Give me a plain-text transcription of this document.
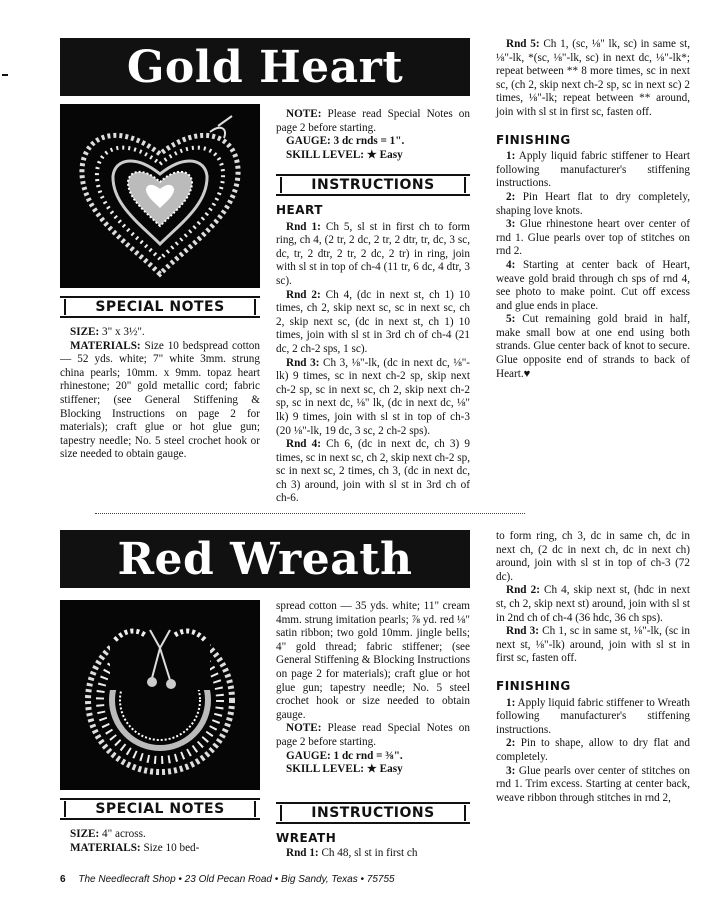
Gold Heart

NOTE: Please read Special Notes on page 2 before starting.

GAUGE: 3 dc rnds = 1".

SKILL LEVEL: ★ Easy

INSTRUCTIONS
HEART

Rnd 1: Ch 5, sl st in first ch to form ring, ch 4, (2 tr, 2 dc, 2 tr, 2 dtr, tr, dc, 3 sc, dc, tr, 2 dtr, 2 tr, 2 dc, 2 tr) in ring, join with sl st in top of ch-4 (11 tr, 6 dc, 4 dtr, 3 sc).

Rnd 2: Ch 4, (dc in next st, ch 1) 10 times, ch 2, skip next sc, sc in next sc, ch 2, skip next sc, (dc in next st, ch 1) 10 times, join with sl st in 3rd ch of ch-4 (21 dc, 2 ch-2 sps, 1 sc).

Rnd 3: Ch 3, ⅛"-lk, (dc in next dc, ⅛"-lk) 9 times, sc in next ch-2 sp, skip next ch-2 sp, sc in next sc, ch 2, skip next ch-2 sp, sc in next dc, ⅛" lk, (dc in next dc, ⅛" lk) 9 times, join with sl st in top of ch-3 (20 ⅛"-lk, 19 dc, 3 sc, 2 ch-2 sps).

Rnd 4: Ch 6, (dc in next dc, ch 3) 9 times, sc in next sc, ch 2, skip next ch-2 sp, sc in next sc, 2 times, ch 3, (dc in next dc, ch 3) around, join with sl st in 3rd ch of ch-6.

Rnd 5: Ch 1, (sc, ⅛" lk, sc) in same st, ⅛"-lk, *(sc, ⅛"-lk, sc) in next dc, ⅛"-lk*; repeat between ** 8 more times, sc in next sc, (ch 2, skip next ch-2 sp, sc in next sc) 2 times, ⅛"-lk; repeat between ** around, join with sl st in first sc, fasten off.

FINISHING

1: Apply liquid fabric stiffener to Heart following manufacturer's stiffening instructions.

2: Pin Heart flat to dry completely, shaping love knots.

3: Glue rhinestone heart over center of rnd 1. Glue pearls over top of stitches on rnd 2.

4: Starting at center back of Heart, weave gold braid through ch sps of rnd 4, see photo to make point. Cut off excess and glue ends in place.

5: Cut remaining gold braid in half, make small bow at one end using both strands. Glue center back of knot to secure. Glue opposite end of strands to back of Heart.♥

SPECIAL NOTES

SIZE: 3" x 3½".

MATERIALS: Size 10 bedspread cotton — 52 yds. white; 7" white 3mm. strung china pearls; 10mm. x 9mm. topaz heart rhinestone; 20" gold metallic cord; fabric stiffener; (see General Stiffening & Blocking Instructions on page 2 for materials); craft glue or hot glue gun; tapestry needle; No. 5 steel crochet hook or size needed to obtain gauge.

Red Wreath

spread cotton — 35 yds. white; 11" cream 4mm. strung imitation pearls; ⅞ yd. red ⅛" satin ribbon; two gold 10mm. jingle bells; 4" gold thread; fabric stiffener; (see General Stiffening & Blocking Instructions on page 2 for materials); craft glue or hot glue gun; tapestry needle; No. 5 steel crochet hook or size needed to obtain gauge.

NOTE: Please read Special Notes on page 2 before starting.

GAUGE: 1 dc rnd = ⅜".

SKILL LEVEL: ★ Easy

INSTRUCTIONS
WREATH

Rnd 1: Ch 48, sl st in first ch

to form ring, ch 3, dc in same ch, dc in next ch, (2 dc in next ch, dc in next ch) around, join with sl st in top of ch-3 (72 dc).

Rnd 2: Ch 4, skip next st, (hdc in next st, ch 2, skip next st) around, join with sl st in 2nd ch of ch-4 (36 hdc, 36 ch sps).

Rnd 3: Ch 1, sc in same st, ⅛"-lk, (sc in next st, ⅛"-lk) around, join with sl st in first sc, fasten off.

FINISHING

1: Apply liquid fabric stiffener to Wreath following manufacturer's stiffening instructions.

2: Pin to shape, allow to dry flat and completely.

3: Glue pearls over center of stitches on rnd 1. Trim excess. Starting at center back, weave ribbon through stitches in rnd 2,

SPECIAL NOTES

SIZE: 4" across.

MATERIALS: Size 10 bed-

6 The Needlecraft Shop • 23 Old Pecan Road • Big Sandy, Texas • 75755
